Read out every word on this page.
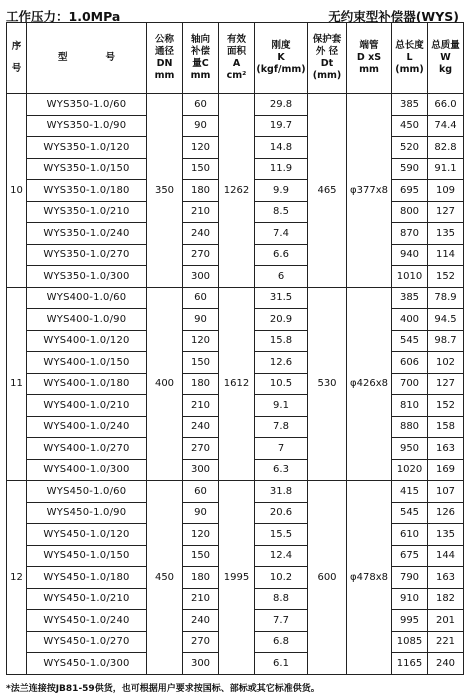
工作压力：1.0MPa	无约束型补偿器(WYS)
序
号	型　　　　号	公称
通径
DN
mm	轴向
补偿
量C
mm	有效
面积
A
cm²	刚度
K
(kgf/mm)	保护套
外 径
Dt
(mm)	端管
D xS
mm	总长度
L
(mm)	总质量
W
kg

10	WYS350-1.0/60	350	60	1262	29.8	465	φ377x8	385	66.0
	WYS350-1.0/90		90		19.7			450	74.4
	WYS350-1.0/120		120		14.8			520	82.8
	WYS350-1.0/150		150		11.9			590	91.1
	WYS350-1.0/180		180		9.9			695	109
	WYS350-1.0/210		210		8.5			800	127
	WYS350-1.0/240		240		7.4			870	135
	WYS350-1.0/270		270		6.6			940	114
	WYS350-1.0/300		300		6			1010	152
11	WYS400-1.0/60	400	60	1612	31.5	530	φ426x8	385	78.9
	WYS400-1.0/90		90		20.9			400	94.5
	WYS400-1.0/120		120		15.8			545	98.7
	WYS400-1.0/150		150		12.6			606	102
	WYS400-1.0/180		180		10.5			700	127
	WYS400-1.0/210		210		9.1			810	152
	WYS400-1.0/240		240		7.8			880	158
	WYS400-1.0/270		270		7			950	163
	WYS400-1.0/300		300		6.3			1020	169
12	WYS450-1.0/60	450	60	1995	31.8	600	φ478x8	415	107
	WYS450-1.0/90		90		20.6			545	126
	WYS450-1.0/120		120		15.5			610	135
	WYS450-1.0/150		150		12.4			675	144
	WYS450-1.0/180		180		10.2			790	163
	WYS450-1.0/210		210		8.8			910	182
	WYS450-1.0/240		240		7.7			995	201
	WYS450-1.0/270		270		6.8			1085	221
	WYS450-1.0/300		300		6.1			1165	240
*法兰连接按JB81-59供货，也可根据用户要求按国标、部标或其它标准供货。
